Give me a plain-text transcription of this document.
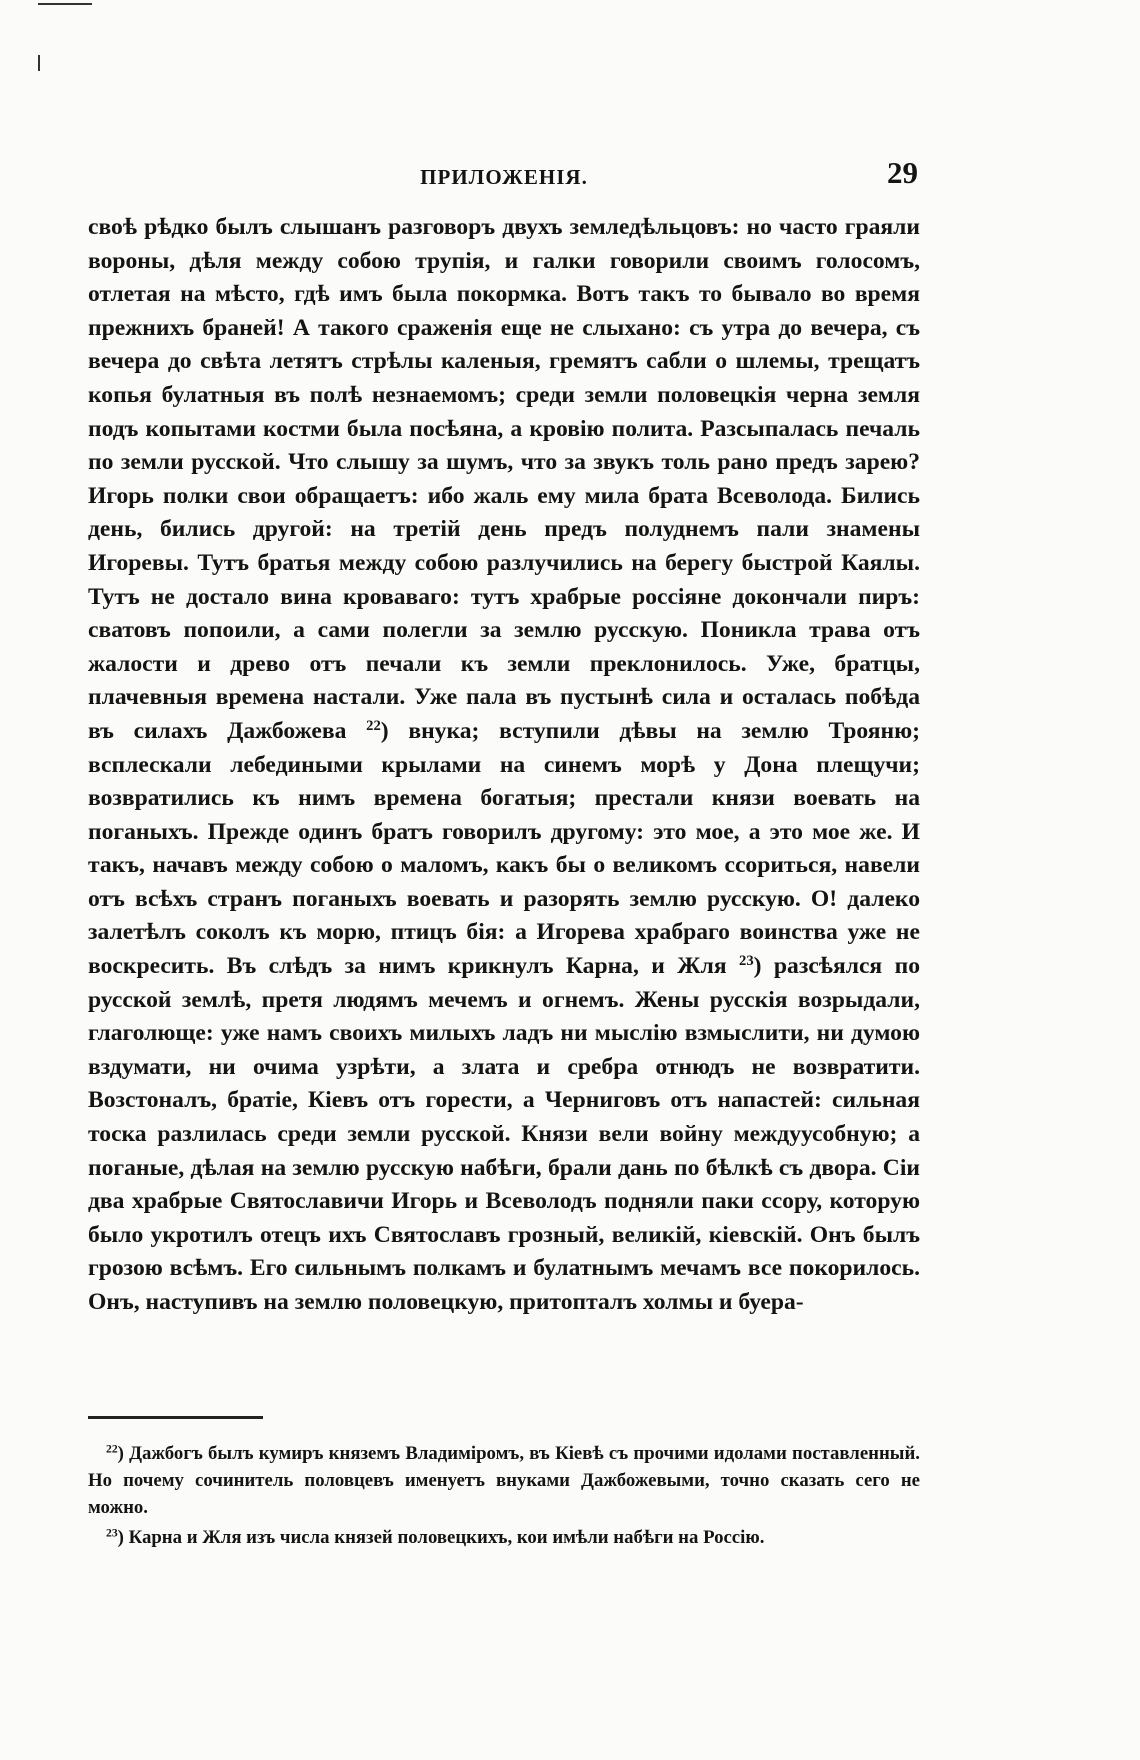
ПРИЛОЖЕНІЯ.	29

своѣ рѣдко былъ слышанъ разговоръ двухъ земледѣльцовъ: но часто граяли вороны, дѣля между собою трупія, и галки говорили своимъ голосомъ, отлетая на мѣсто, гдѣ имъ была покормка. Вотъ такъ то бывало во время прежнихъ браней! А такого сраженія еще не слыхано: съ утра до вечера, съ вечера до свѣта летятъ стрѣлы каленыя, гремятъ сабли о шлемы, трещатъ копья булатныя въ полѣ незнаемомъ; среди земли половецкія черна земля подъ копытами костми была посѣяна, а кровію полита. Разсыпалась печаль по земли русской. Что слышу за шумъ, что за звукъ толь рано предъ зарею? Игорь полки свои обращаетъ: ибо жаль ему мила брата Всеволода. Бились день, бились другой: на третій день предъ полуднемъ пали знамены Игоревы. Тутъ братья между собою разлучились на берегу быстрой Каялы. Тутъ не достало вина кроваваго: тутъ храбрые россіяне докончали пиръ: сватовъ попоили, а сами полегли за землю русскую. Поникла трава отъ жалости и древо отъ печали къ земли преклонилось. Уже, братцы, плачевныя времена настали. Уже пала въ пустынѣ сила и осталась побѣда въ силахъ Дажбожева $^{22}$) внука; вступили дѣвы на землю Трояню; всплескали лебедиными крылами на синемъ морѣ у Дона плещучи; возвратились къ нимъ времена богатыя; престали князи воевать на поганыхъ. Прежде одинъ братъ говорилъ другому: это мое, а это мое же. И такъ, начавъ между собою о маломъ, какъ бы о великомъ ссориться, навели отъ всѣхъ странъ поганыхъ воевать и разорять землю русскую. О! далеко залетѣлъ соколъ къ морю, птицъ бія: а Игорева храбраго воинства уже не воскресить. Въ слѣдъ за нимъ крикнулъ Карна, и Жля $^{23}$) разсѣялся по русской землѣ, претя людямъ мечемъ и огнемъ. Жены русскія возрыдали, глаголюще: уже намъ своихъ милыхъ ладъ ни мыслію взмыслити, ни думою вздумати, ни очима узрѣти, а злата и сребра отнюдъ не возвратити. Возстоналъ, братіе, Кіевъ отъ горести, а Черниговъ отъ напастей: сильная тоска разлилась среди земли русской. Князи вели войну междуусобную; а поганые, дѣлая на землю русскую набѣги, брали дань по бѣлкѣ съ двора. Сіи два храбрые Святославичи Игорь и Всеволодъ подняли паки ссору, которую было укротилъ отецъ ихъ Святославъ грозный, великій, кіевскій. Онъ былъ грозою всѣмъ. Его сильнымъ полкамъ и булатнымъ мечамъ все покорилось. Онъ, наступивъ на землю половецкую, притопталъ холмы и буера-

$^{22}$) Дажбогъ былъ кумиръ княземъ Владиміромъ, въ Кіевѣ съ прочими идолами поставленный. Но почему сочинитель половцевъ именуетъ внуками Дажбожевыми, точно сказать сего не можно.

$^{23}$) Карна и Жля изъ числа князей половецкихъ, кои имѣли набѣги на Россію.
